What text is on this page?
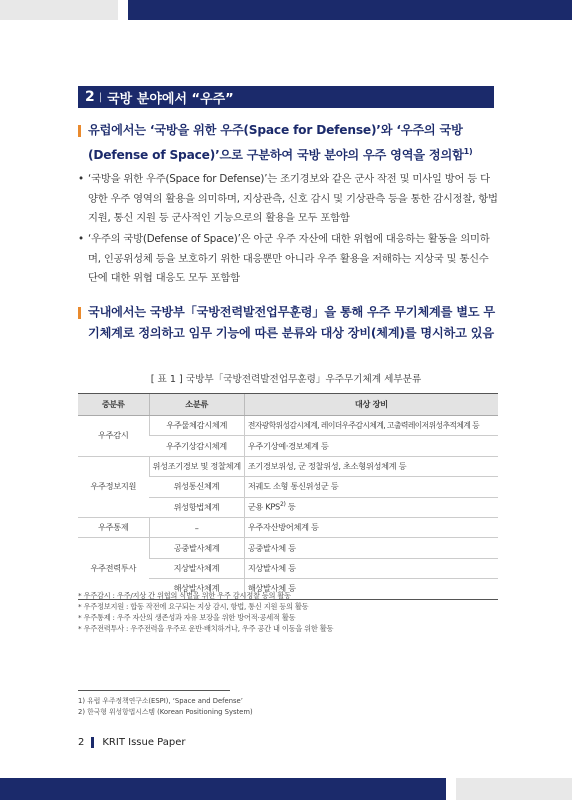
2 | 국방 분야에서 “우주”
유럽에서는 ‘국방을 위한 우주(Space for Defense)’와 ‘우주의 국방(Defense of Space)’으로 구분하여 국방 분야의 우주 영역을 정의함$^{1)}$
• ‘국방을 위한 우주(Space for Defense)’는 조기경보와 같은 군사 작전 및 미사일 방어 등 다양한 우주 영역의 활용을 의미하며, 지상관측, 신호 감시 및 기상관측 등을 통한 감시정찰, 항법 지원, 통신 지원 등 군사적인 기능으로의 활용을 모두 포함함
• ‘우주의 국방(Defense of Space)’은 아군 우주 자산에 대한 위협에 대응하는 활동을 의미하며, 인공위성체 등을 보호하기 위한 대응뿐만 아니라 우주 활용을 저해하는 지상국 및 통신수단에 대한 위협 대응도 모두 포함함
국내에서는 국방부「국방전력발전업무훈령」을 통해 우주 무기체계를 별도 무기체계로 정의하고 임무 기능에 따른 분류와 대상 장비(체계)를 명시하고 있음
[ 표 1 ] 국방부「국방전력발전업무훈령」우주무기체계 세부분류
중분류	소분류	대상 장비
우주감시	우주물체감시체계	전자광학위성감시체계, 레이더우주감시체계, 고출력레이저위성추적체계 등
	우주기상감시체계	우주기상예·경보체계 등
우주정보지원	위성조기경보 및 정찰체계	조기경보위성, 군 정찰위성, 초소형위성체계 등
	위성통신체계	저궤도 소형 통신위성군 등
	위성항법체계	군용 KPS$^{2)}$ 등
우주통제	–	우주자산방어체계 등
우주전력투사	공중발사체계	공중발사체 등
	지상발사체계	지상발사체 등
	해상발사체계	해상발사체 등
* 우주감시 : 우주/지상 간 위협의 식별을 위한 우주 감시정찰 등의 활동
* 우주정보지원 : 합동 작전에 요구되는 지상 감시, 항법, 통신 지원 등의 활동
* 우주통제 : 우주 자산의 생존성과 자유 보장을 위한 방어적·공세적 활동
* 우주전력투사 : 우주전력을 우주로 운반·배치하거나, 우주 공간 내 이동을 위한 활동
1) 유럽 우주정책연구소(ESPI), ‘Space and Defense’
2) 한국형 위성항법시스템 (Korean Positioning System)
2 KRIT Issue Paper
